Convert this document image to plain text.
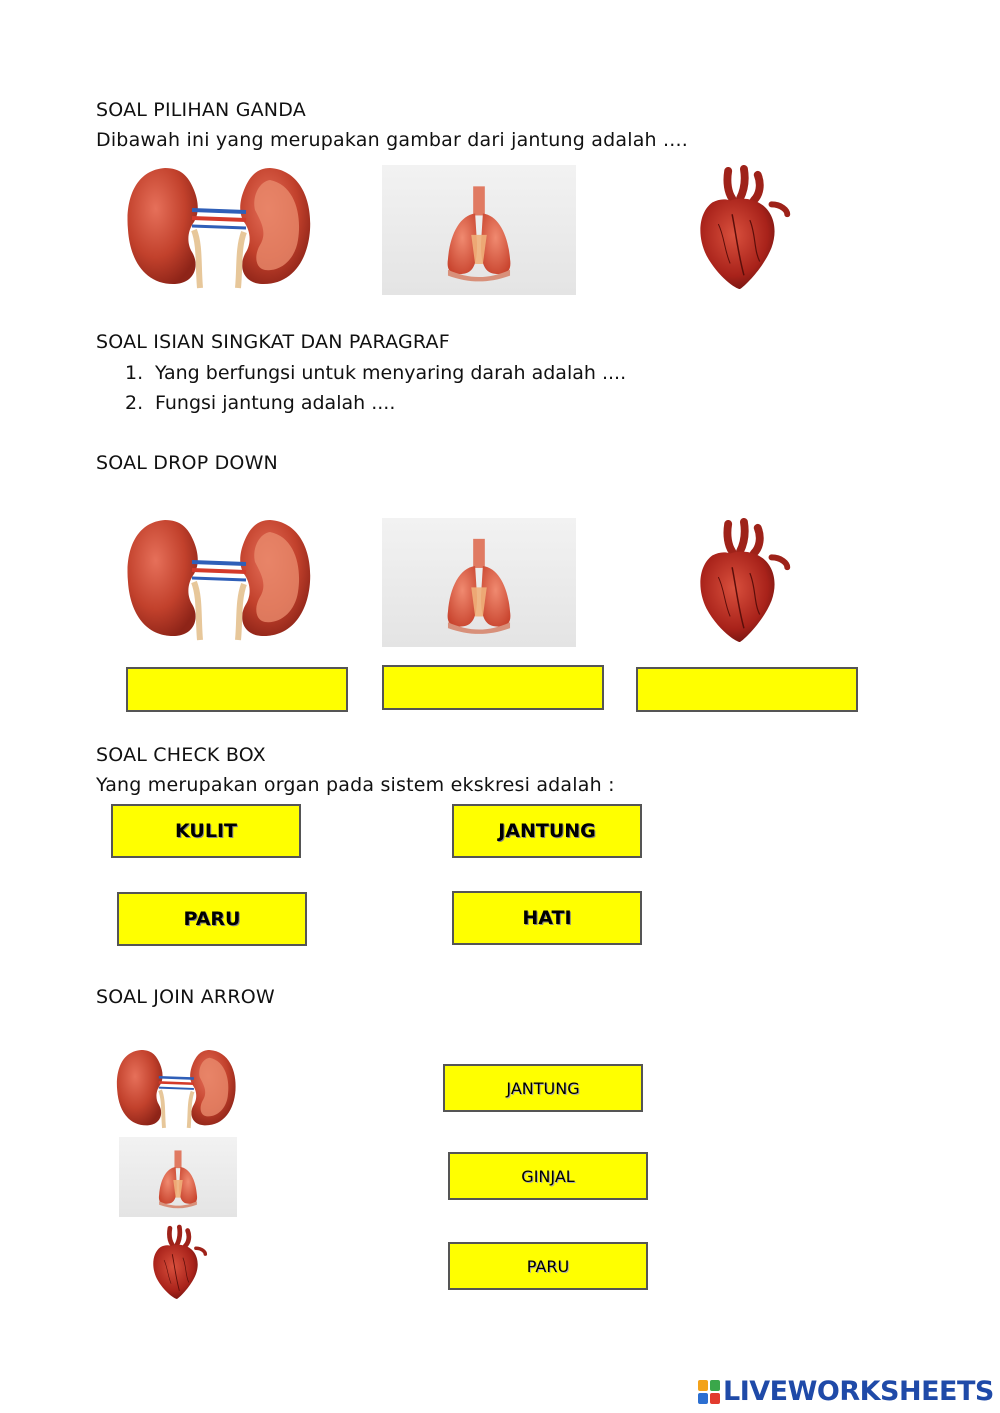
SOAL PILIHAN GANDA
Dibawah ini yang merupakan gambar dari jantung adalah ....
SOAL ISIAN SINGKAT DAN PARAGRAF
1. Yang berfungsi untuk menyaring darah adalah ....
2. Fungsi jantung adalah ....
SOAL DROP DOWN
SOAL CHECK BOX
Yang merupakan organ pada sistem ekskresi adalah :
KULIT	JANTUNG
PARU	HATI
SOAL JOIN ARROW
JANTUNG
GINJAL
PARU
LIVEWORKSHEETS
